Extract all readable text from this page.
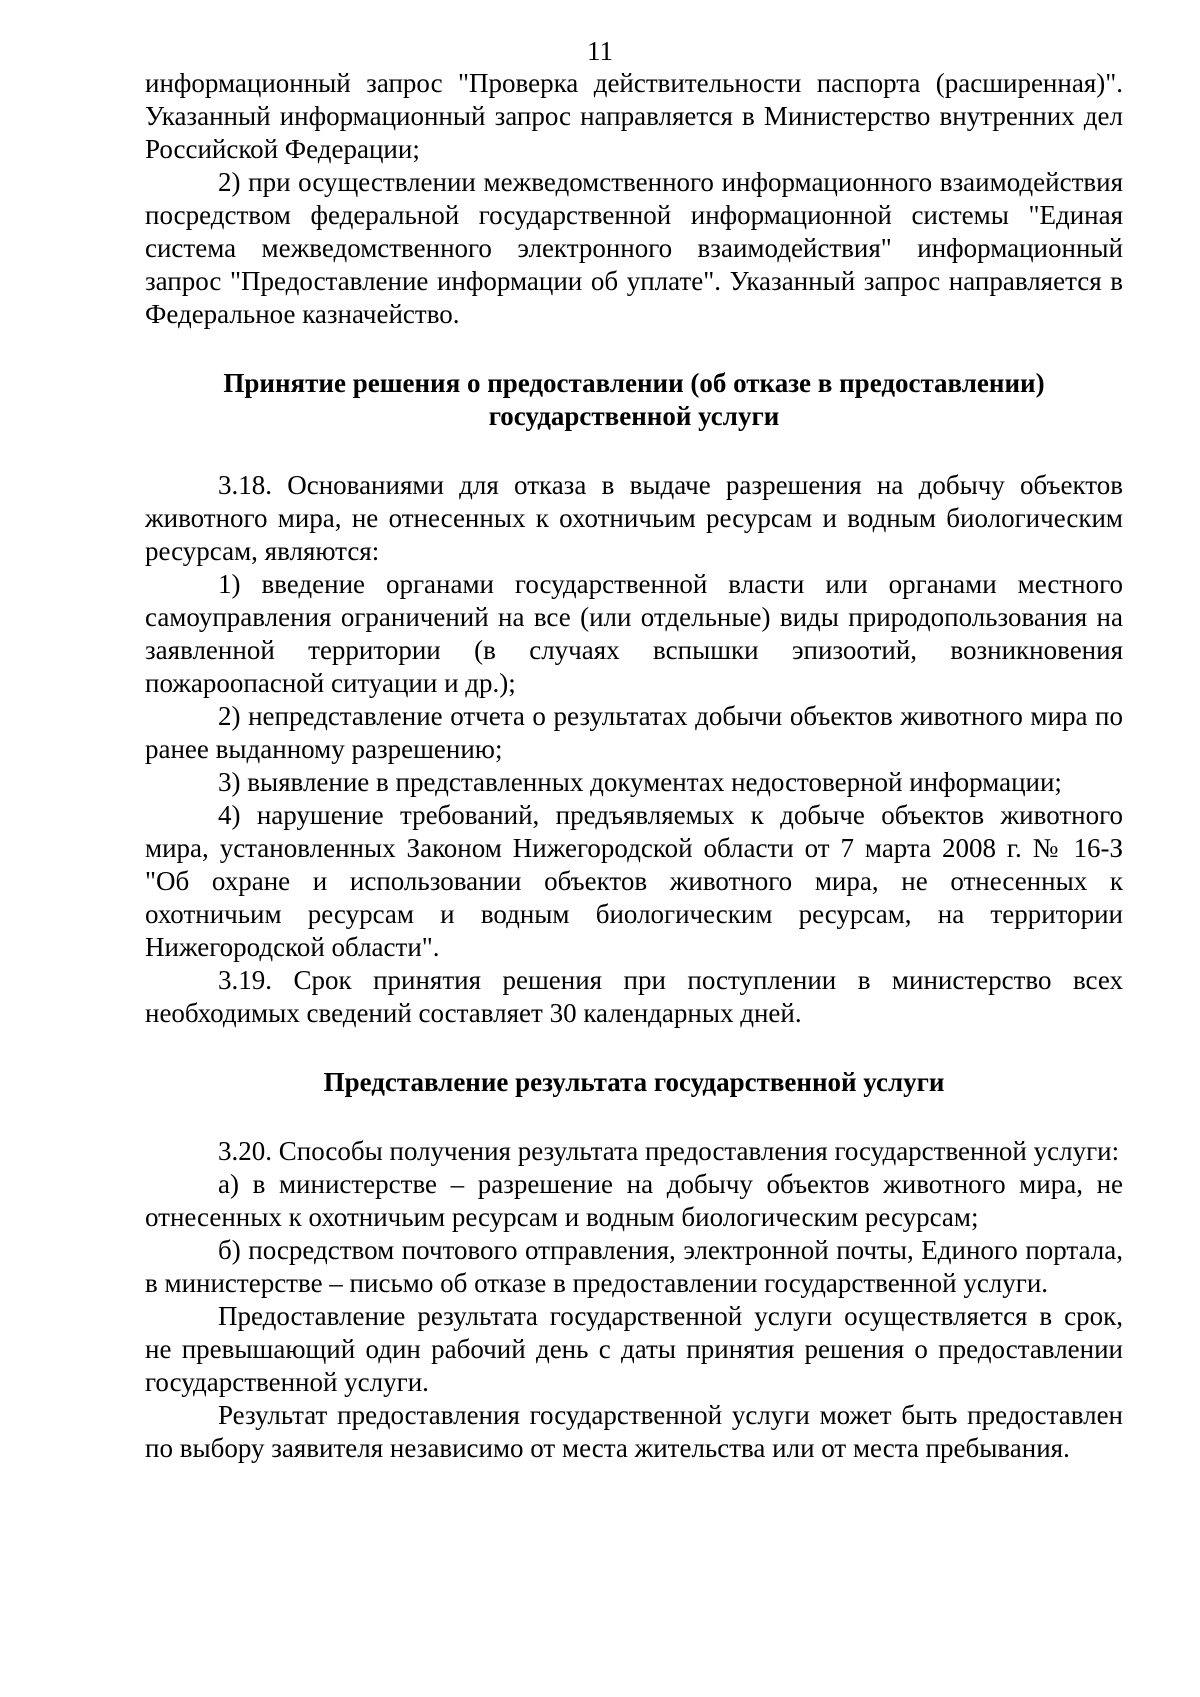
11

информационный запрос "Проверка действительности паспорта (расширенная)". Указанный информационный запрос направляется в Министерство внутренних дел Российской Федерации;

2) при осуществлении межведомственного информационного взаимодействия посредством федеральной государственной информационной системы "Единая система межведомственного электронного взаимодействия" информационный запрос "Предоставление информации об уплате". Указанный запрос направляется в Федеральное казначейство.

Принятие решения о предоставлении (об отказе в предоставлении)
государственной услуги

3.18. Основаниями для отказа в выдаче разрешения на добычу объектов животного мира, не отнесенных к охотничьим ресурсам и водным биологическим ресурсам, являются:

1) введение органами государственной власти или органами местного самоуправления ограничений на все (или отдельные) виды природопользования на заявленной территории (в случаях вспышки эпизоотий, возникновения пожароопасной ситуации и др.);

2) непредставление отчета о результатах добычи объектов животного мира по ранее выданному разрешению;

3) выявление в представленных документах недостоверной информации;

4) нарушение требований, предъявляемых к добыче объектов животного мира, установленных Законом Нижегородской области от 7 марта 2008 г. № 16-З "Об охране и использовании объектов животного мира, не отнесенных к охотничьим ресурсам и водным биологическим ресурсам, на территории Нижегородской области".

3.19. Срок принятия решения при поступлении в министерство всех необходимых сведений составляет 30 календарных дней.

Представление результата государственной услуги

3.20. Способы получения результата предоставления государственной услуги:

а) в министерстве – разрешение на добычу объектов животного мира, не отнесенных к охотничьим ресурсам и водным биологическим ресурсам;

б) посредством почтового отправления, электронной почты, Единого портала, в министерстве – письмо об отказе в предоставлении государственной услуги.

Предоставление результата государственной услуги осуществляется в срок, не превышающий один рабочий день с даты принятия решения о предоставлении государственной услуги.

Результат предоставления государственной услуги может быть предоставлен по выбору заявителя независимо от места жительства или от места пребывания.
